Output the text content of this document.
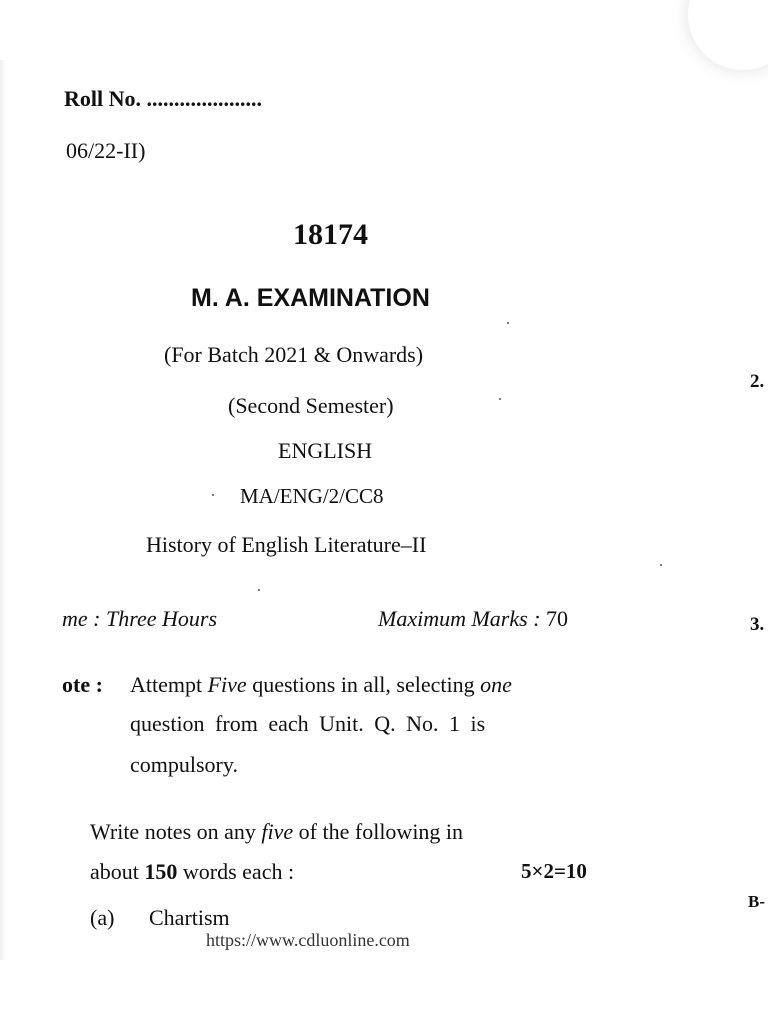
Roll No. .....................
06/22-II)
18174
M. A. EXAMINATION
(For Batch 2021 & Onwards)
(Second Semester)
ENGLISH
MA/ENG/2/CC8
History of English Literature–II
me : Three Hours	Maximum Marks : 70
ote : Attempt Five questions in all, selecting one
question from each Unit. Q. No. 1 is
compulsory.
Write notes on any five of the following in
about 150 words each :	5×2=10
(a) Chartism
https://www.cdluonline.com
2.
3.
B-
